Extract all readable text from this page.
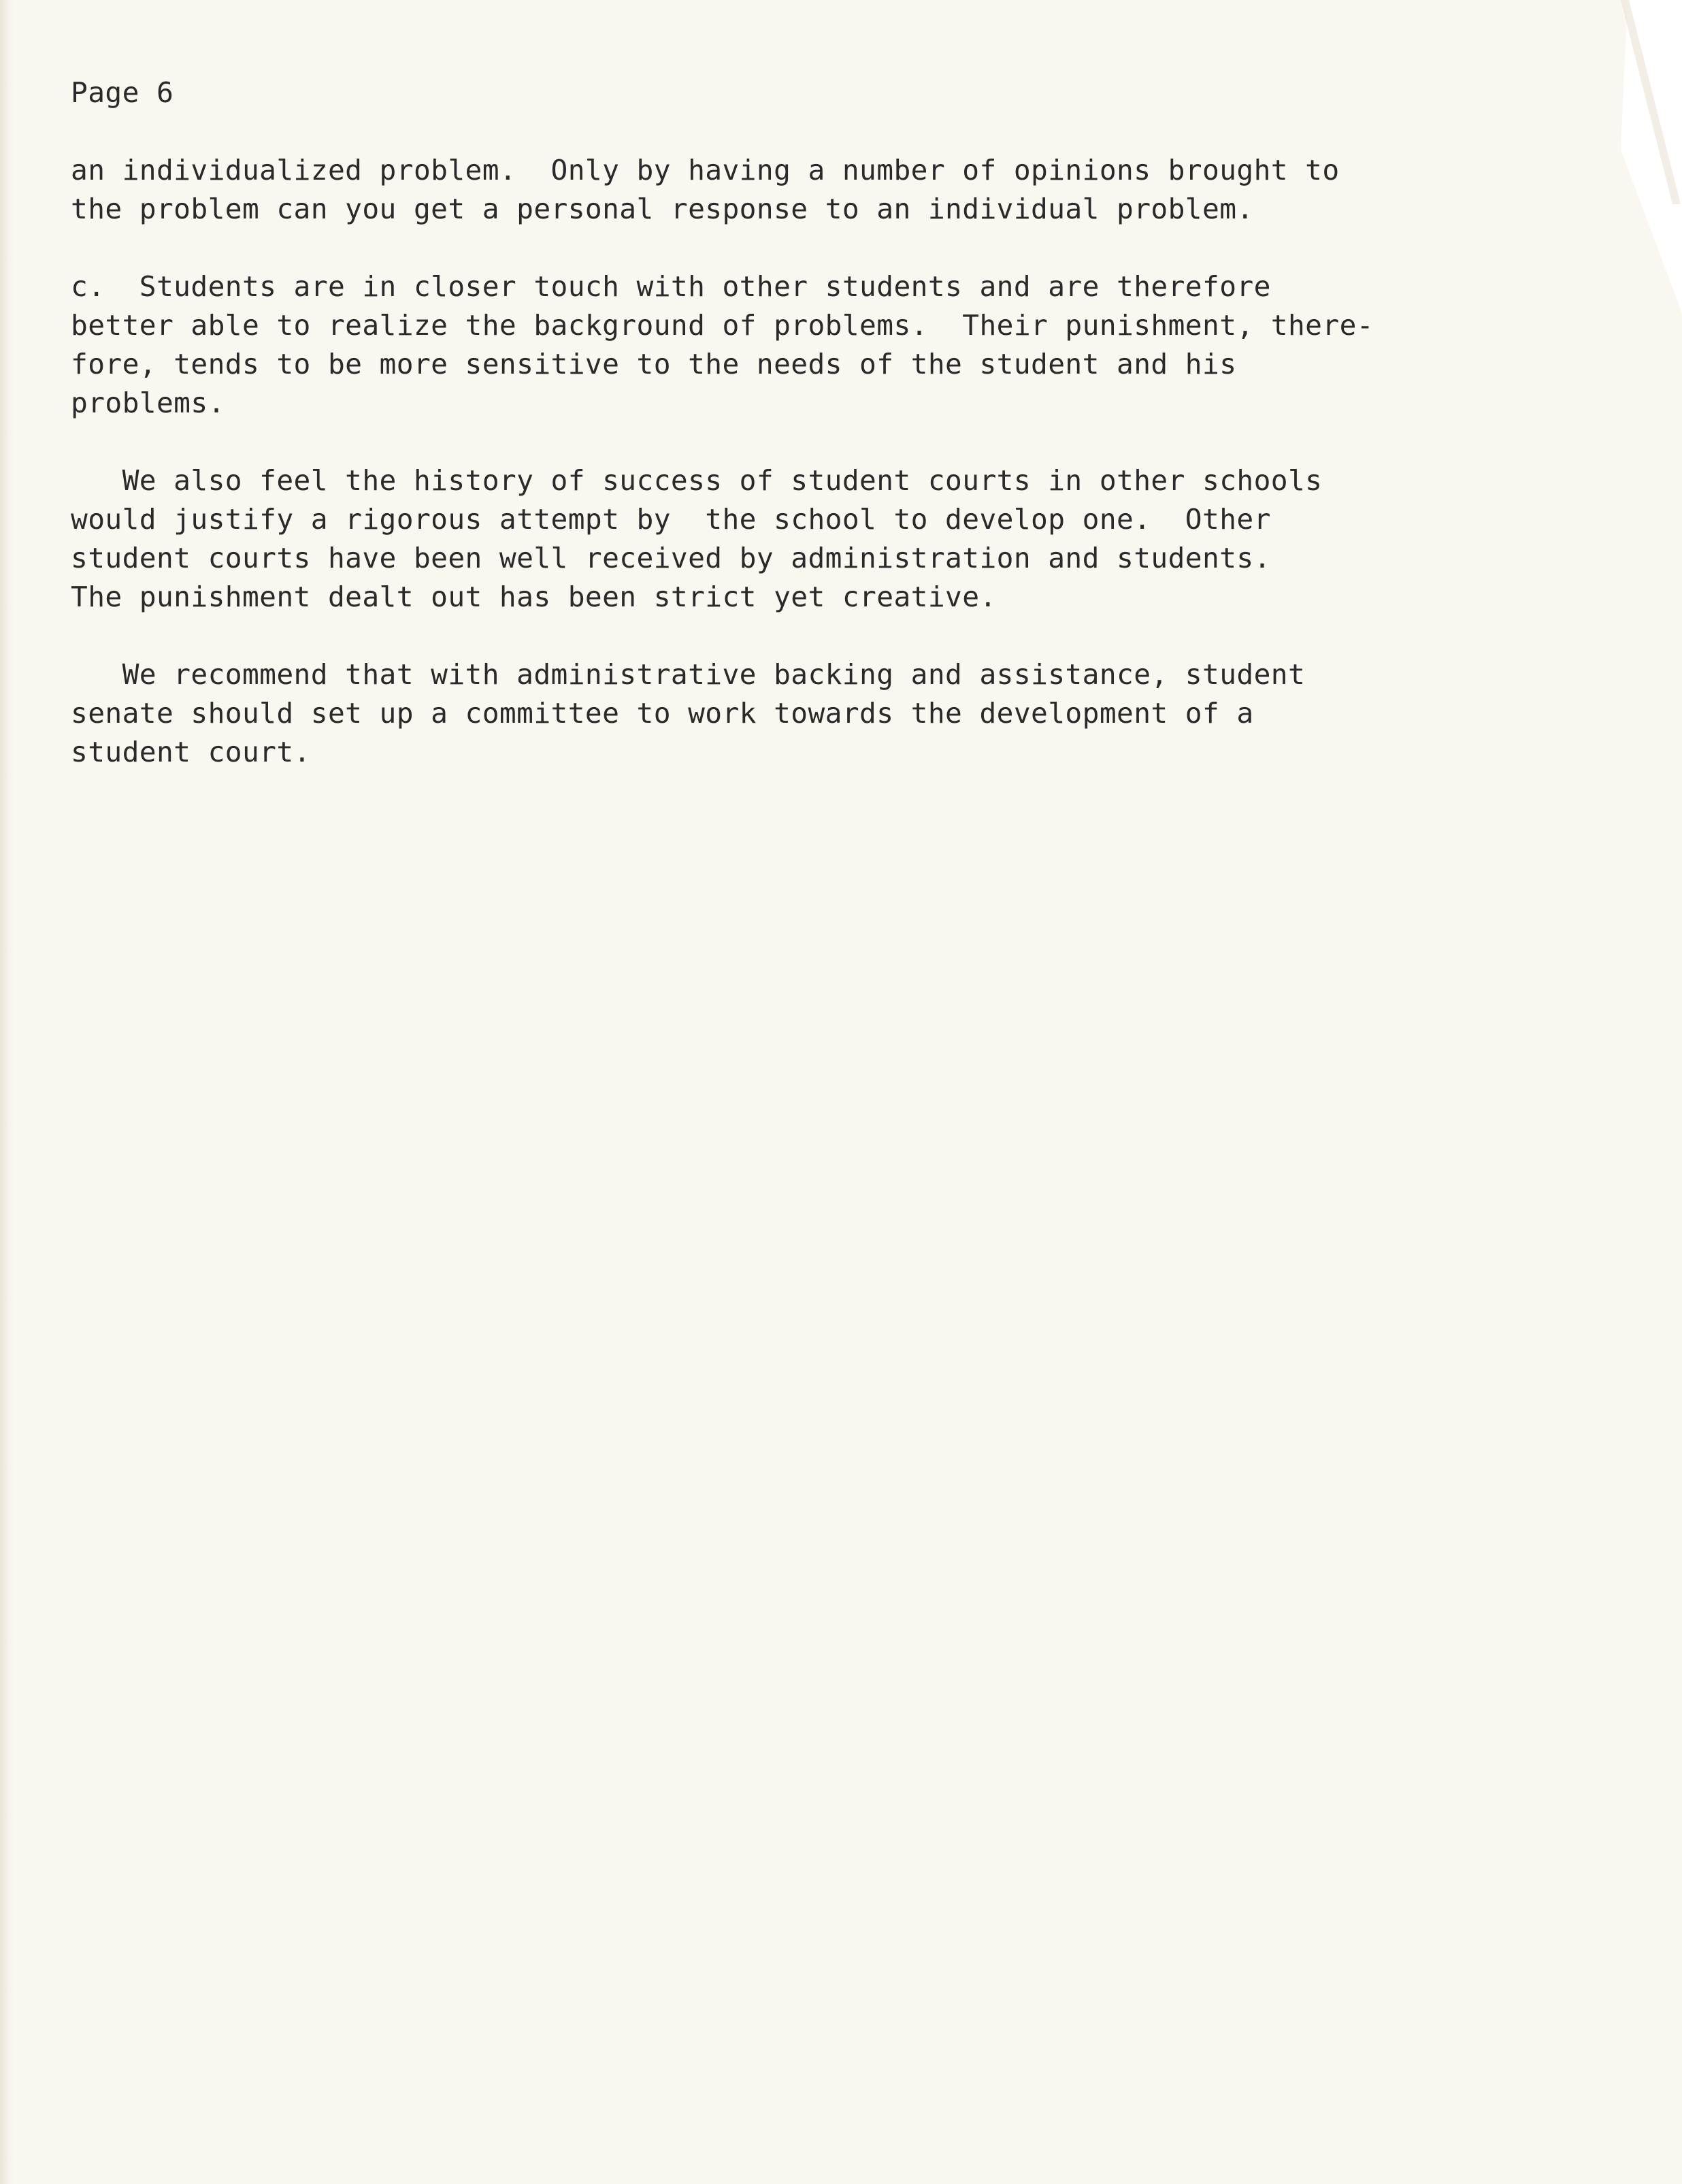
Page 6
an individualized problem.  Only by having a number of opinions brought to
the problem can you get a personal response to an individual problem.
c.  Students are in closer touch with other students and are therefore
better able to realize the background of problems.  Their punishment, there-
fore, tends to be more sensitive to the needs of the student and his
problems.
We also feel the history of success of student courts in other schools
would justify a rigorous attempt by  the school to develop one.  Other
student courts have been well received by administration and students.
The punishment dealt out has been strict yet creative.
We recommend that with administrative backing and assistance, student
senate should set up a committee to work towards the development of a
student court.
